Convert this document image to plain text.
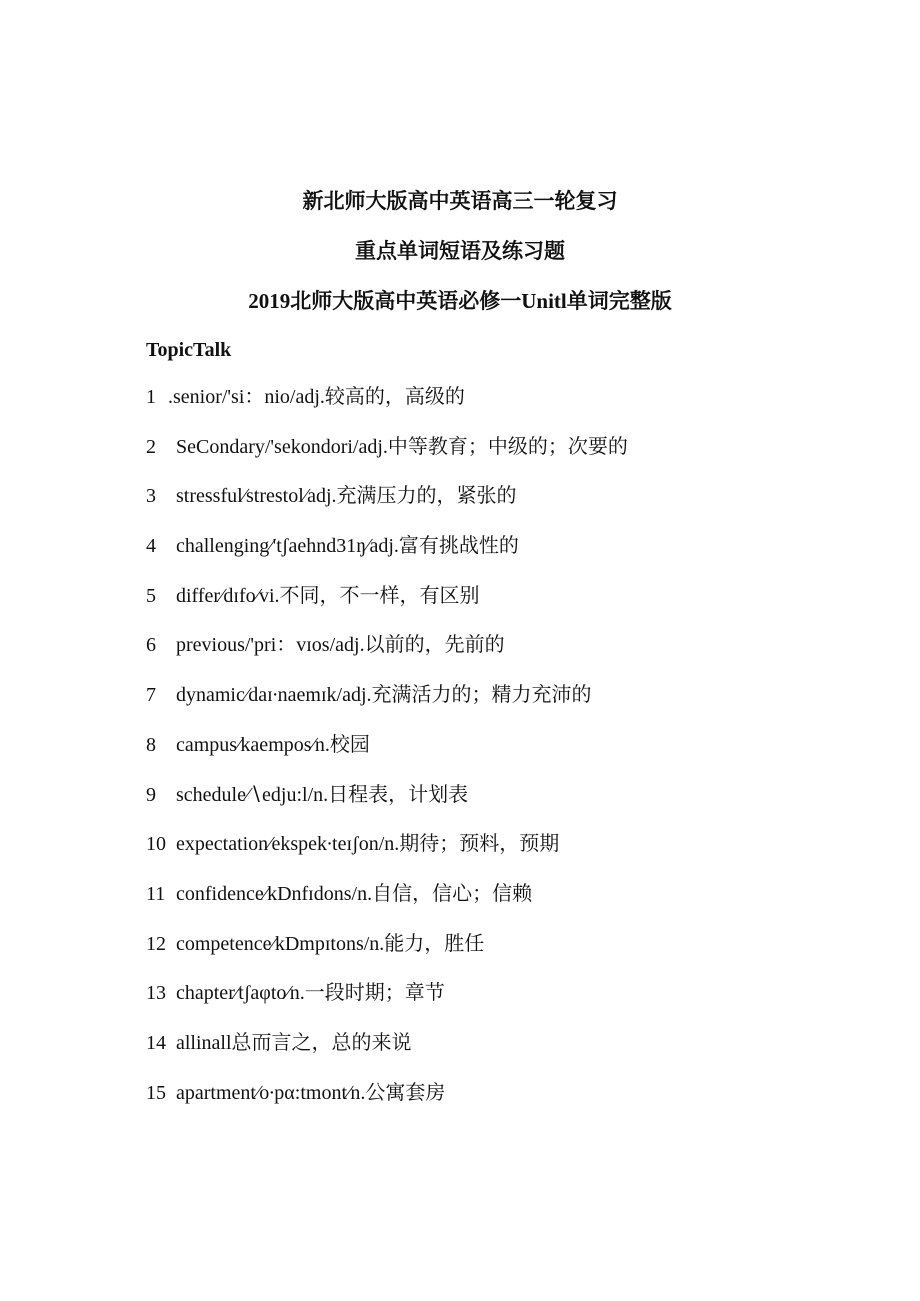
新北师大版高中英语高三一轮复习
重点单词短语及练习题
2019北师大版高中英语必修一Unitl单词完整版
TopicTalk
1 .senior/'si：nio/adj.较高的，高级的
2	SeCondary/'sekondori/adj.中等教育；中级的；次要的
3	stressful∕strestol∕adj.充满压力的，紧张的
4	challenging∕'tʃaehnd31ŋ∕adj.富有挑战性的
5	differ∕dɪfo∕vi.不同，不一样，有区别
6	previous/'pri：vɪos/adj.以前的，先前的
7	dynamic∕daɪ∙naemɪk/adj.充满活力的；精力充沛的
8	campus∕kaempos∕n.校园
9	schedule∕∖edju:l/n.日程表，计划表
10 expectation∕ekspek∙teɪʃon/n.期待；预料，预期
11 confidence∕kDnfɪdons/n.自信，信心；信赖
12 competence∕kDmpɪtons/n.能力，胜任
13 chapter∕tʃaφto∕n.一段时期；章节
14 allinall总而言之，总的来说
15 apartment∕o∙pα:tmont∕n.公寓套房
